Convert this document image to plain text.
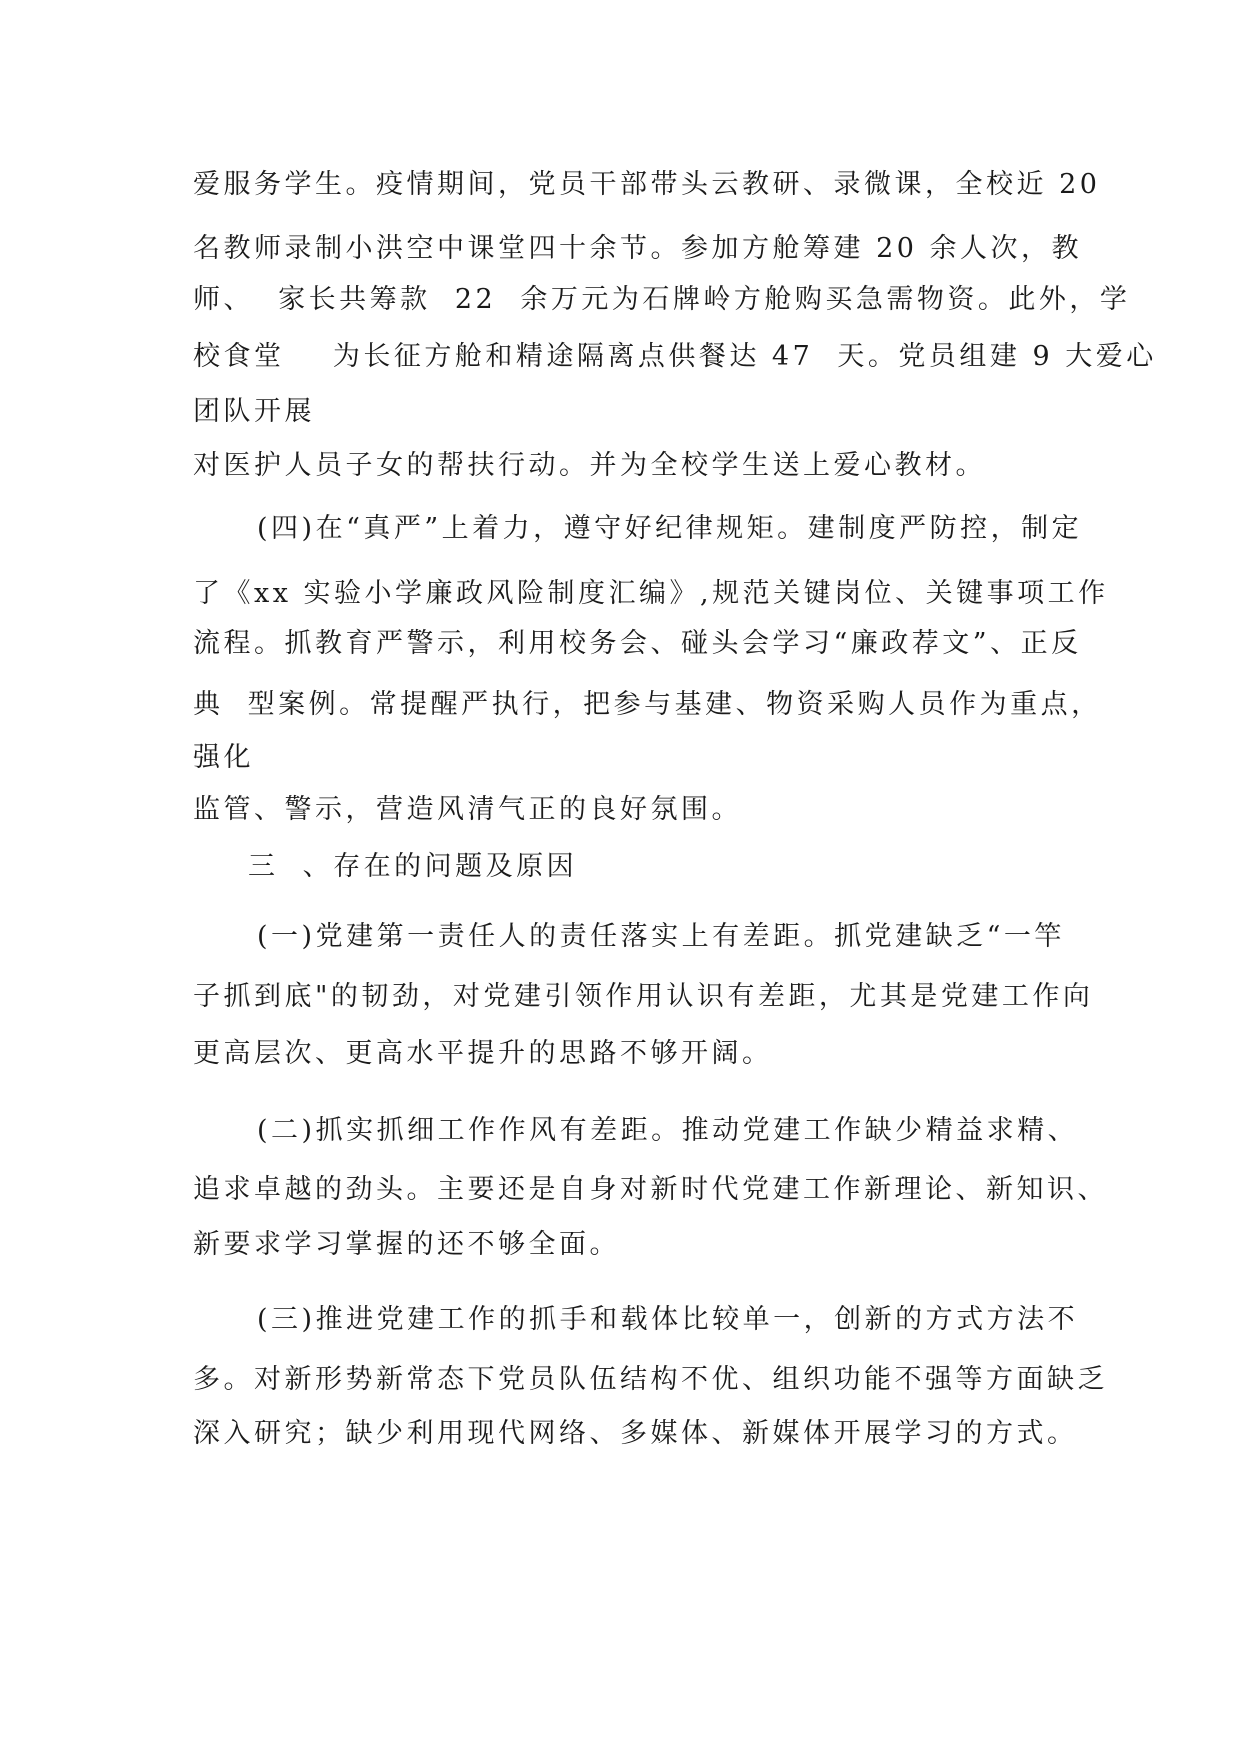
爱服务学生。疫情期间，党员干部带头云教研、录微课，全校近 20
名教师录制小洪空中课堂四十余节。参加方舱筹建 20 余人次，教
师、  家长共筹款  22  余万元为石牌岭方舱购买急需物资。此外，学
校食堂    为长征方舱和精途隔离点供餐达 47  天。党员组建 9 大爱心
团队开展
对医护人员子女的帮扶行动。并为全校学生送上爱心教材。
(四)在“真严”上着力，遵守好纪律规矩。建制度严防控，制定
了《xx 实验小学廉政风险制度汇编》,规范关键岗位、关键事项工作
流程。抓教育严警示，利用校务会、碰头会学习“廉政荐文”、正反
典  型案例。常提醒严执行，把参与基建、物资采购人员作为重点，
强化
监管、警示，营造风清气正的良好氛围。
三  、存在的问题及原因
(一)党建第一责任人的责任落实上有差距。抓党建缺乏“一竿
子抓到底"的韧劲，对党建引领作用认识有差距，尤其是党建工作向
更高层次、更高水平提升的思路不够开阔。
(二)抓实抓细工作作风有差距。推动党建工作缺少精益求精、
追求卓越的劲头。主要还是自身对新时代党建工作新理论、新知识、
新要求学习掌握的还不够全面。
(三)推进党建工作的抓手和载体比较单一，创新的方式方法不
多。对新形势新常态下党员队伍结构不优、组织功能不强等方面缺乏
深入研究；缺少利用现代网络、多媒体、新媒体开展学习的方式。
